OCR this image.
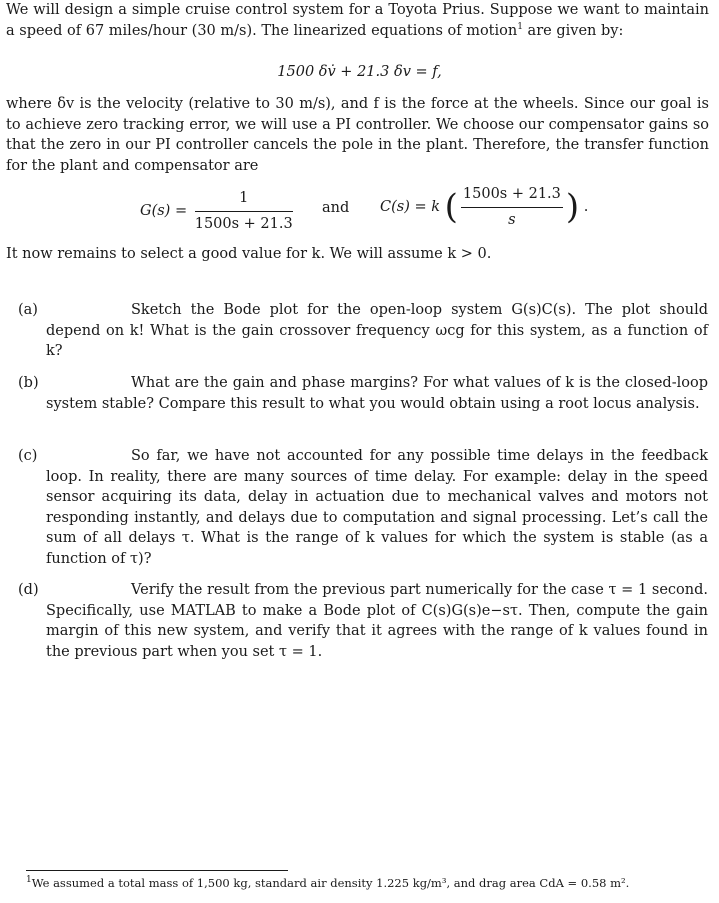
We will design a simple cruise control system for a Toyota Prius. Suppose we want to maintain a speed of 67 miles/hour (30 m/s). The linearized equations of motion$^1$ are given by:

1500 δv̇ + 21.3 δv = f,

where δv is the velocity (relative to 30 m/s), and f is the force at the wheels. Since our goal is to achieve zero tracking error, we will use a PI controller. We choose our compensator gains so that the zero in our PI controller cancels the pole in the plant. Therefore, the transfer function for the plant and compensator are

$G(s) = \frac{1}{1500s + 21.3}$ and C(s) = k ( $\frac{1500s + 21.3}{s}$ ) .

It now remains to select a good value for k. We will assume k > 0.

(a)	Sketch the Bode plot for the open-loop system G(s)C(s). The plot should depend on k! What is the gain crossover frequency ωcg for this system, as a function of k?
(b)	What are the gain and phase margins? For what values of k is the closed-loop system stable? Compare this result to what you would obtain using a root locus analysis.
(c)	So far, we have not accounted for any possible time delays in the feedback loop. In reality, there are many sources of time delay. For example: delay in the speed sensor acquiring its data, delay in actuation due to mechanical valves and motors not responding instantly, and delays due to computation and signal processing. Let’s call the sum of all delays τ. What is the range of k values for which the system is stable (as a function of τ)?
(d)	Verify the result from the previous part numerically for the case τ = 1 second. Specifically, use MATLAB to make a Bode plot of C(s)G(s)e−sτ. Then, compute the gain margin of this new system, and verify that it agrees with the range of k values found in the previous part when you set τ = 1.
$^1$We assumed a total mass of 1,500 kg, standard air density 1.225 kg/m³, and drag area CdA = 0.58 m².
